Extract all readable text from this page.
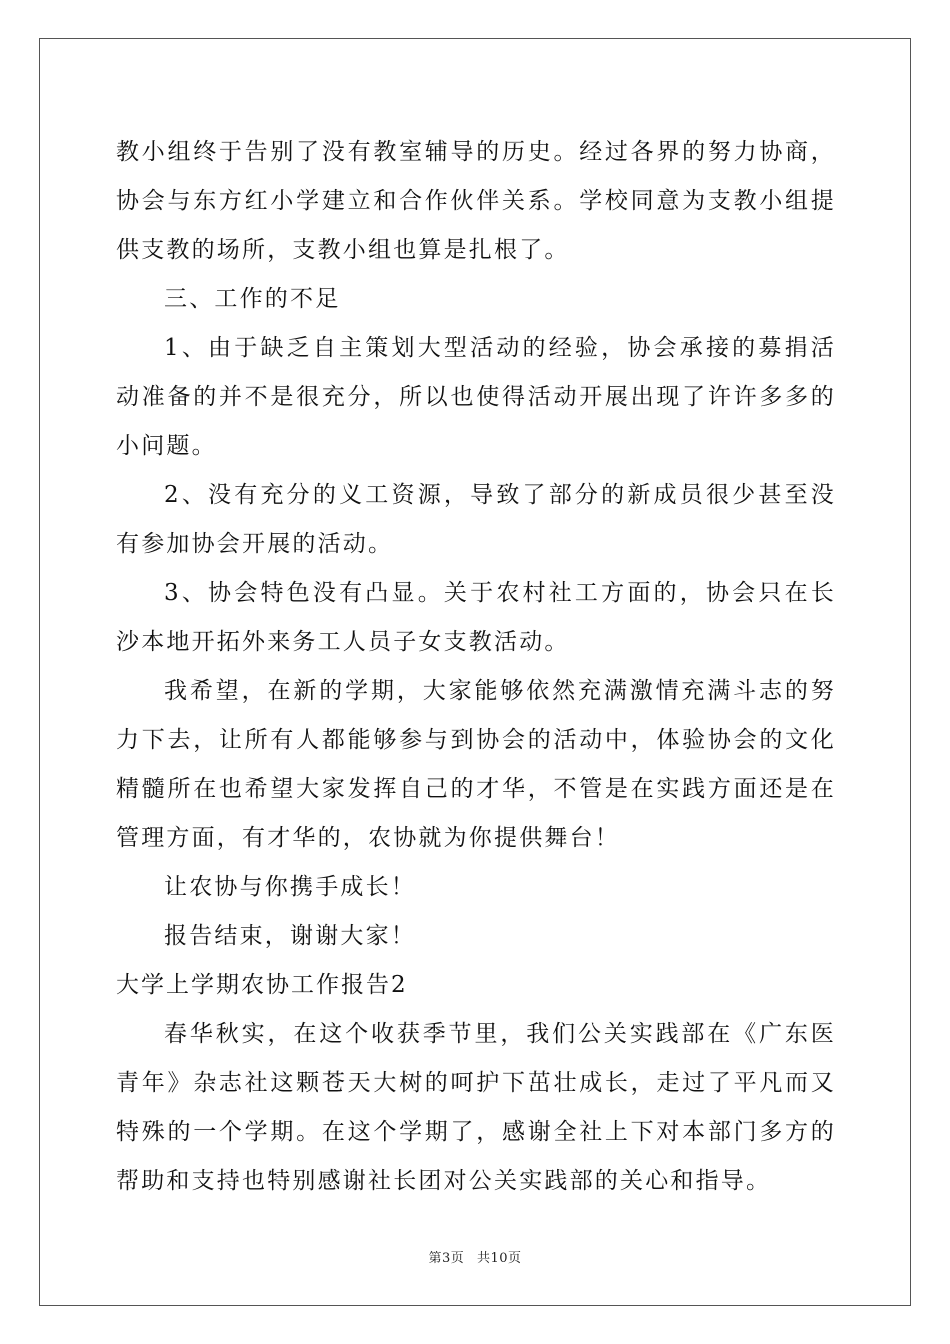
教小组终于告别了没有教室辅导的历史。经过各界的努力协商，协会与东方红小学建立和合作伙伴关系。学校同意为支教小组提供支教的场所，支教小组也算是扎根了。

三、工作的不足

1、由于缺乏自主策划大型活动的经验，协会承接的募捐活动准备的并不是很充分，所以也使得活动开展出现了许许多多的小问题。

2、没有充分的义工资源，导致了部分的新成员很少甚至没有参加协会开展的活动。

3、协会特色没有凸显。关于农村社工方面的，协会只在长沙本地开拓外来务工人员子女支教活动。

我希望，在新的学期，大家能够依然充满激情充满斗志的努力下去，让所有人都能够参与到协会的活动中，体验协会的文化精髓所在也希望大家发挥自己的才华，不管是在实践方面还是在管理方面，有才华的，农协就为你提供舞台！

让农协与你携手成长！

报告结束，谢谢大家！

大学上学期农协工作报告2

春华秋实，在这个收获季节里，我们公关实践部在《广东医青年》杂志社这颗苍天大树的呵护下茁壮成长，走过了平凡而又特殊的一个学期。在这个学期了，感谢全社上下对本部门多方的帮助和支持也特别感谢社长团对公关实践部的关心和指导。

第3页 共10页
